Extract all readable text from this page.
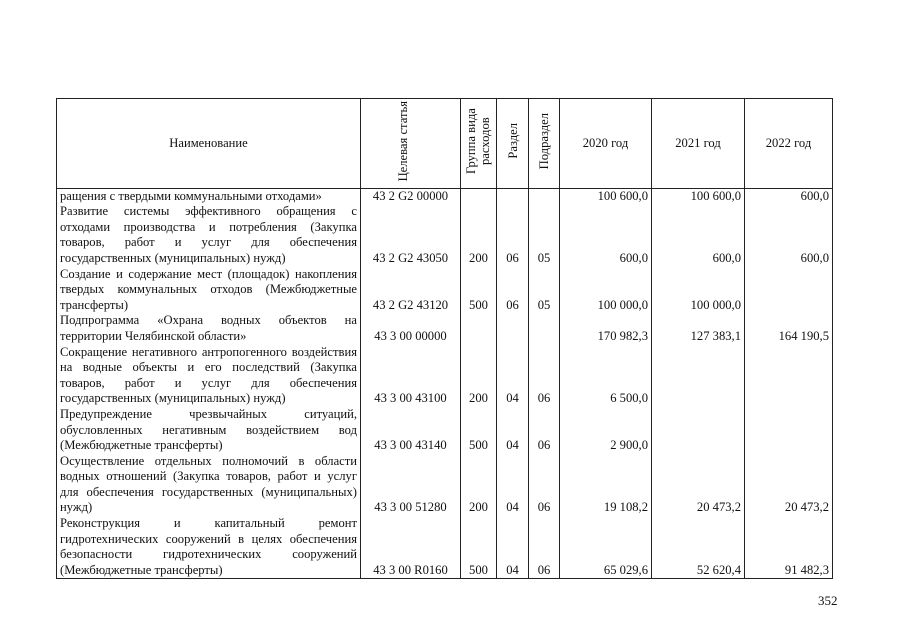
Наименование	Целевая статья	Группа вида расходов	Раздел	Подраздел	2020 год	2021 год	2022 год
ращения с твердыми коммунальными отходами»	43 2 G2 00000				100 600,0	100 600,0	600,0
Развитие системы эффективного обращения с отходами производства и потребления (Закупка товаров, работ и услуг для обеспечения государственных (муниципальных) нужд)	43 2 G2 43050	200	06	05	600,0	600,0	600,0
Создание и содержание мест (площадок) накопления твердых коммунальных отходов (Межбюджетные трансферты)	43 2 G2 43120	500	06	05	100 000,0	100 000,0	
Подпрограмма «Охрана водных объектов на территории Челябинской области»	43 3 00 00000				170 982,3	127 383,1	164 190,5
Сокращение негативного антропогенного воздействия на водные объекты и его последствий (Закупка товаров, работ и услуг для обеспечения государственных (муниципальных) нужд)	43 3 00 43100	200	04	06	6 500,0		
Предупреждение чрезвычайных ситуаций, обусловленных негативным воздействием вод (Межбюджетные трансферты)	43 3 00 43140	500	04	06	2 900,0		
Осуществление отдельных полномочий в области водных отношений (Закупка товаров, работ и услуг для обеспечения государственных (муниципальных) нужд)	43 3 00 51280	200	04	06	19 108,2	20 473,2	20 473,2
Реконструкция и капитальный ремонт гидротехнических сооружений в целях обеспечения безопасности гидротехнических сооружений (Межбюджетные трансферты)	43 3 00 R0160	500	04	06	65 029,6	52 620,4	91 482,3
352
